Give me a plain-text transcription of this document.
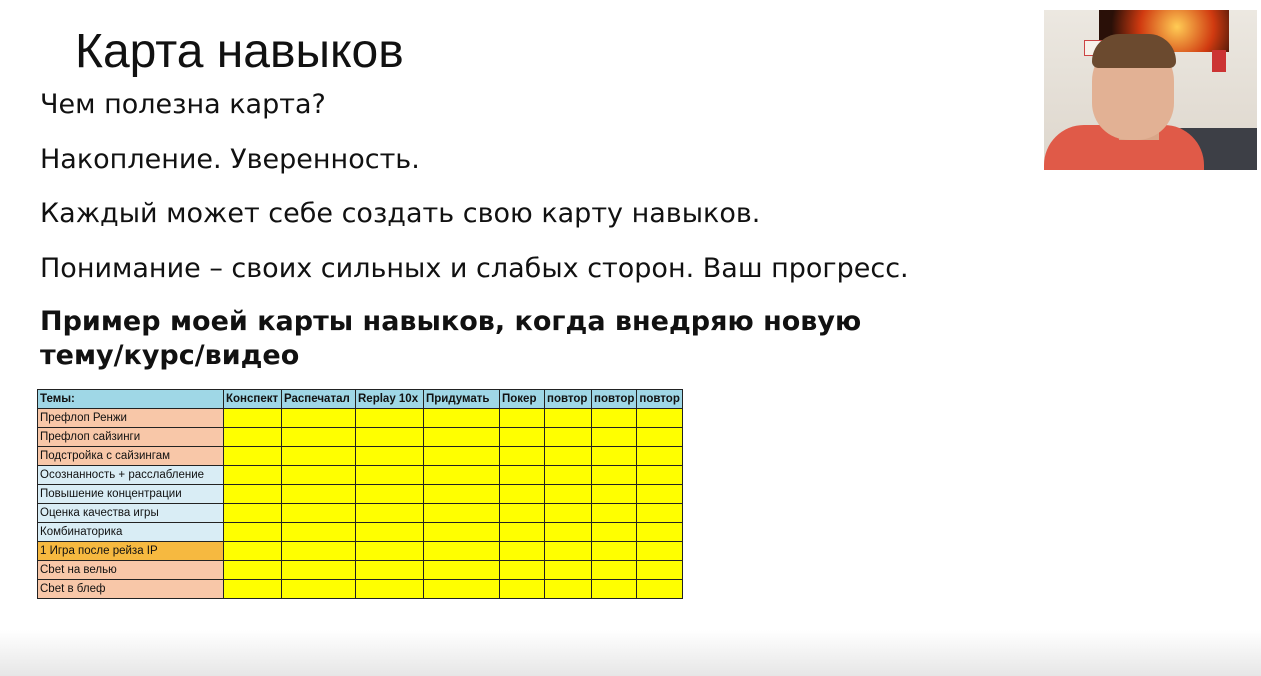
Карта навыков
Чем полезна карта?
Накопление. Уверенность.
Каждый может себе создать свою карту навыков.
Понимание – своих сильных и слабых сторон. Ваш прогресс.
Пример моей карты навыков, когда внедряю новую тему/курс/видео
Темы:	Конспект	Распечатал	Replay 10x	Придумать	Покер	повтор	повтор	повтор
Префлоп Ренжи								
Префлоп сайзинги								
Подстройка с сайзингам								
Осознанность + расслабление								
Повышение концентрации								
Оценка качества игры								
Комбинаторика								
1 Игра после рейза IP								
Cbet на велью								
Cbet в блеф								
